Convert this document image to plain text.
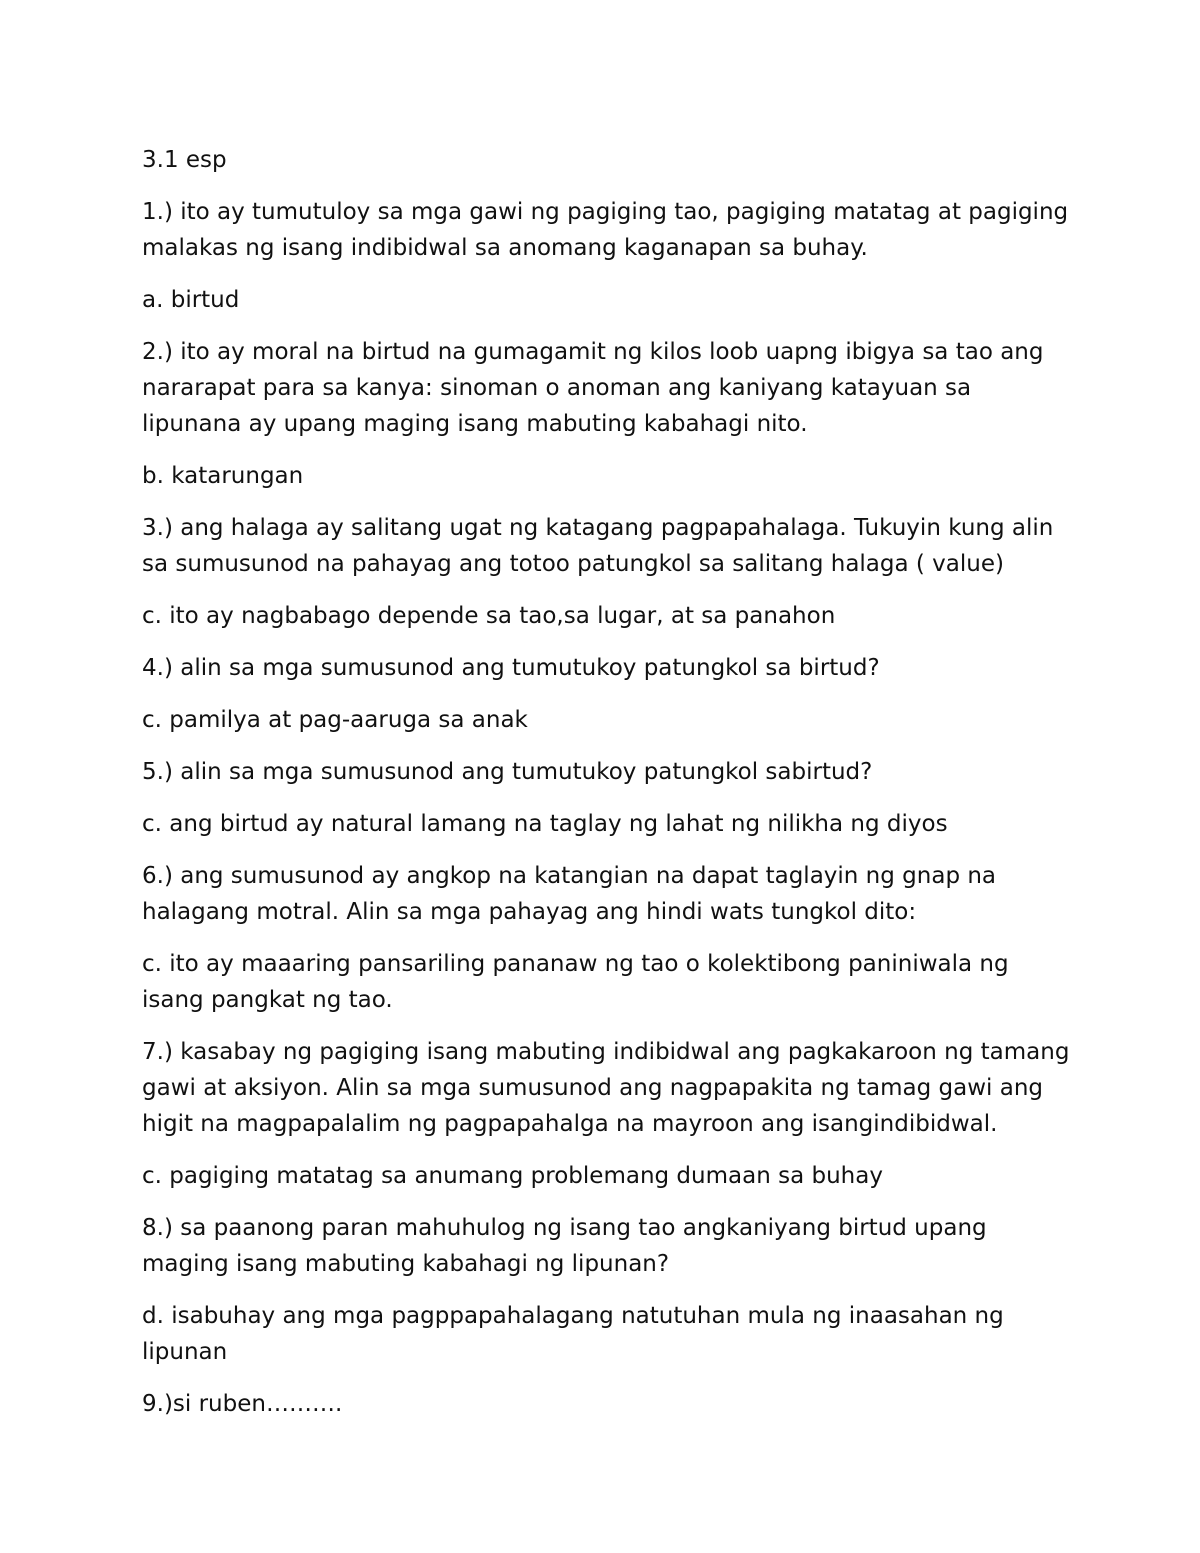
3.1 esp

1.) ito ay tumutuloy sa mga gawi ng pagiging tao, pagiging matatag at pagiging malakas ng isang indibidwal sa anomang kaganapan sa buhay.

a. birtud

2.) ito ay moral na birtud na gumagamit ng kilos loob uapng ibigya sa tao ang nararapat para sa kanya: sinoman o anoman ang kaniyang katayuan sa lipunana ay upang maging isang mabuting kabahagi nito.

b. katarungan

3.) ang halaga ay salitang ugat ng katagang pagpapahalaga. Tukuyin kung alin sa sumusunod na pahayag ang totoo patungkol sa salitang halaga ( value)

c. ito ay nagbabago depende sa tao,sa lugar, at sa panahon

4.) alin sa mga sumusunod ang tumutukoy patungkol sa birtud?

c. pamilya at pag-aaruga sa anak

5.) alin sa mga sumusunod ang tumutukoy patungkol sabirtud?

c. ang birtud ay natural lamang na taglay ng lahat ng nilikha ng diyos

6.) ang sumusunod ay angkop na katangian na dapat taglayin ng gnap na halagang motral. Alin sa mga pahayag ang hindi wats tungkol dito:

c. ito ay maaaring pansariling pananaw ng tao o kolektibong paniniwala ng isang pangkat ng tao.

7.) kasabay ng pagiging isang mabuting indibidwal ang pagkakaroon ng tamang gawi at aksiyon. Alin sa mga sumusunod ang nagpapakita ng tamag gawi ang higit na magpapalalim ng pagpapahalga na mayroon ang isangindibidwal.

c. pagiging matatag sa anumang problemang dumaan sa buhay

8.) sa paanong paran mahuhulog ng isang tao angkaniyang birtud upang maging isang mabuting kabahagi ng lipunan?

d. isabuhay ang mga pagppapahalagang natutuhan mula ng inaasahan ng lipunan

9.)si ruben……….
